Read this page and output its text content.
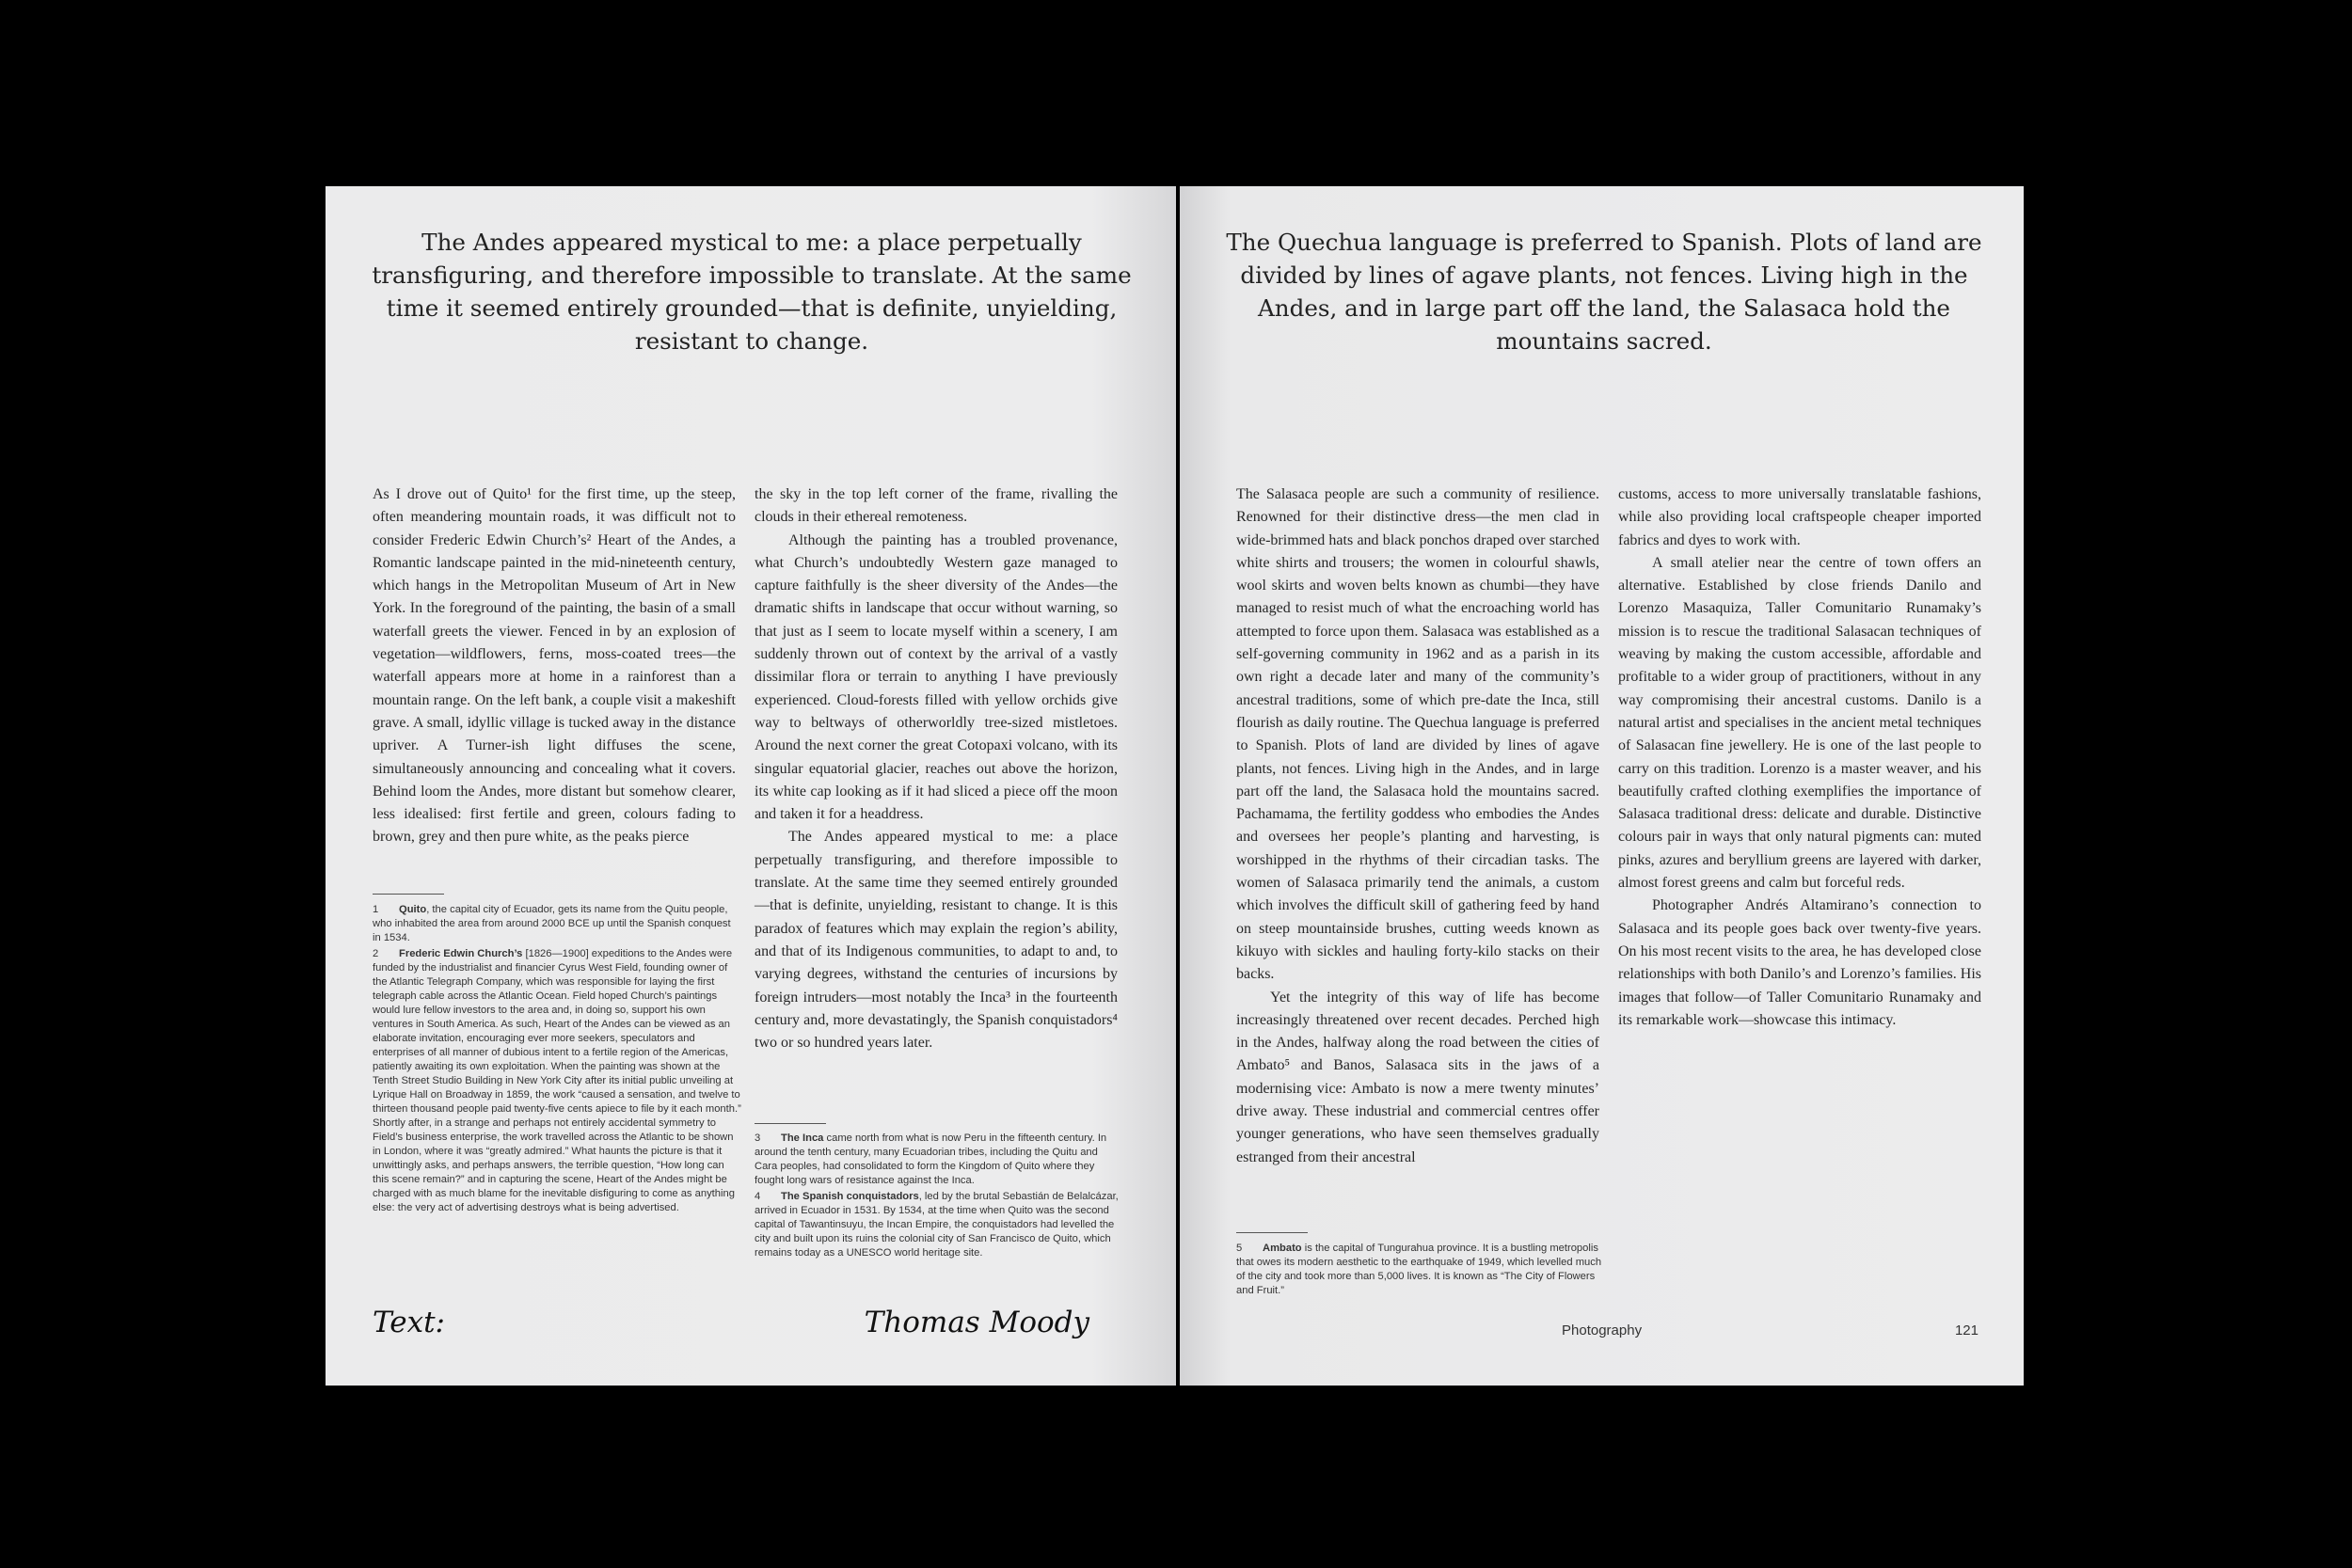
The Andes appeared mystical to me: a place perpetually transfiguring, and therefore impossible to translate. At the same time it seemed entirely grounded—that is definite, unyielding, resistant to change.

As I drove out of Quito¹ for the first time, up the steep, often meandering mountain roads, it was difficult not to consider Frederic Edwin Church’s² Heart of the Andes, a Romantic landscape painted in the mid-nineteenth century, which hangs in the Metropolitan Museum of Art in New York. In the foreground of the painting, the basin of a small waterfall greets the viewer. Fenced in by an explosion of vegetation—wildflowers, ferns, moss-coated trees—the waterfall appears more at home in a rainforest than a mountain range. On the left bank, a couple visit a makeshift grave. A small, idyllic village is tucked away in the distance upriver. A Turner-ish light diffuses the scene, simultaneously announcing and concealing what it covers. Behind loom the Andes, more distant but somehow clearer, less idealised: first fertile and green, colours fading to brown, grey and then pure white, as the peaks pierce

the sky in the top left corner of the frame, rivalling the clouds in their ethereal remoteness.

Although the painting has a troubled provenance, what Church’s undoubtedly Western gaze managed to capture faithfully is the sheer diversity of the Andes—the dramatic shifts in landscape that occur without warning, so that just as I seem to locate myself within a scenery, I am suddenly thrown out of context by the arrival of a vastly dissimilar flora or terrain to anything I have previously experienced. Cloud-forests filled with yellow orchids give way to beltways of otherworldly tree-sized mistletoes. Around the next corner the great Cotopaxi volcano, with its singular equatorial glacier, reaches out above the horizon, its white cap looking as if it had sliced a piece off the moon and taken it for a headdress.

The Andes appeared mystical to me: a place perpetually transfiguring, and therefore impossible to translate. At the same time they seemed entirely grounded—that is definite, unyielding, resistant to change. It is this paradox of features which may explain the region’s ability, and that of its Indigenous communities, to adapt to and, to varying degrees, withstand the centuries of incursions by foreign intruders—most notably the Inca³ in the fourteenth century and, more devastatingly, the Spanish conquistadors⁴ two or so hundred years later.

1 Quito, the capital city of Ecuador, gets its name from the Quitu people, who inhabited the area from around 2000 BCE up until the Spanish conquest in 1534.

2 Frederic Edwin Church’s [1826—1900] expeditions to the Andes were funded by the industrialist and financier Cyrus West Field, founding owner of the Atlantic Telegraph Company, which was responsible for laying the first telegraph cable across the Atlantic Ocean. Field hoped Church’s paintings would lure fellow investors to the area and, in doing so, support his own ventures in South America. As such, Heart of the Andes can be viewed as an elaborate invitation, encouraging ever more seekers, speculators and enterprises of all manner of dubious intent to a fertile region of the Americas, patiently awaiting its own exploitation. When the painting was shown at the Tenth Street Studio Building in New York City after its initial public unveiling at Lyrique Hall on Broadway in 1859, the work “caused a sensation, and twelve to thirteen thousand people paid twenty-five cents apiece to file by it each month.” Shortly after, in a strange and perhaps not entirely accidental symmetry to Field’s business enterprise, the work travelled across the Atlantic to be shown in London, where it was “greatly admired.” What haunts the picture is that it unwittingly asks, and perhaps answers, the terrible question, “How long can this scene remain?” and in capturing the scene, Heart of the Andes might be charged with as much blame for the inevitable disfiguring to come as anything else: the very act of advertising destroys what is being advertised.

3 The Inca came north from what is now Peru in the fifteenth century. In around the tenth century, many Ecuadorian tribes, including the Quitu and Cara peoples, had consolidated to form the Kingdom of Quito where they fought long wars of resistance against the Inca.

4 The Spanish conquistadors, led by the brutal Sebastián de Belalcázar, arrived in Ecuador in 1531. By 1534, at the time when Quito was the second capital of Tawantinsuyu, the Incan Empire, the conquistadors had levelled the city and built upon its ruins the colonial city of San Francisco de Quito, which remains today as a UNESCO world heritage site.

Text:	Thomas Moody

The Quechua language is preferred to Spanish. Plots of land are divided by lines of agave plants, not fences. Living high in the Andes, and in large part off the land, the Salasaca hold the mountains sacred.

The Salasaca people are such a community of resilience. Renowned for their distinctive dress—the men clad in wide-brimmed hats and black ponchos draped over starched white shirts and trousers; the women in colourful shawls, wool skirts and woven belts known as chumbi—they have managed to resist much of what the encroaching world has attempted to force upon them. Salasaca was established as a self-governing community in 1962 and as a parish in its own right a decade later and many of the community’s ancestral traditions, some of which pre-date the Inca, still flourish as daily routine. The Quechua language is preferred to Spanish. Plots of land are divided by lines of agave plants, not fences. Living high in the Andes, and in large part off the land, the Salasaca hold the mountains sacred. Pachamama, the fertility goddess who embodies the Andes and oversees her people’s planting and harvesting, is worshipped in the rhythms of their circadian tasks. The women of Salasaca primarily tend the animals, a custom which involves the difficult skill of gathering feed by hand on steep mountainside brushes, cutting weeds known as kikuyo with sickles and hauling forty-kilo stacks on their backs.

Yet the integrity of this way of life has become increasingly threatened over recent decades. Perched high in the Andes, halfway along the road between the cities of Ambato⁵ and Banos, Salasaca sits in the jaws of a modernising vice: Ambato is now a mere twenty minutes’ drive away. These industrial and commercial centres offer younger generations, who have seen themselves gradually estranged from their ancestral

customs, access to more universally translatable fashions, while also providing local craftspeople cheaper imported fabrics and dyes to work with.

A small atelier near the centre of town offers an alternative. Established by close friends Danilo and Lorenzo Masaquiza, Taller Comunitario Runamaky’s mission is to rescue the traditional Salasacan techniques of weaving by making the custom accessible, affordable and profitable to a wider group of practitioners, without in any way compromising their ancestral customs. Danilo is a natural artist and specialises in the ancient metal techniques of Salasacan fine jewellery. He is one of the last people to carry on this tradition. Lorenzo is a master weaver, and his beautifully crafted clothing exemplifies the importance of Salasaca traditional dress: delicate and durable. Distinctive colours pair in ways that only natural pigments can: muted pinks, azures and beryllium greens are layered with darker, almost forest greens and calm but forceful reds.

Photographer Andrés Altamirano’s connection to Salasaca and its people goes back over twenty-five years. On his most recent visits to the area, he has developed close relationships with both Danilo’s and Lorenzo’s families. His images that follow—of Taller Comunitario Runamaky and its remarkable work—showcase this intimacy.

5 Ambato is the capital of Tungurahua province. It is a bustling metropolis that owes its modern aesthetic to the earthquake of 1949, which levelled much of the city and took more than 5,000 lives. It is known as “The City of Flowers and Fruit.”

Photography	121
